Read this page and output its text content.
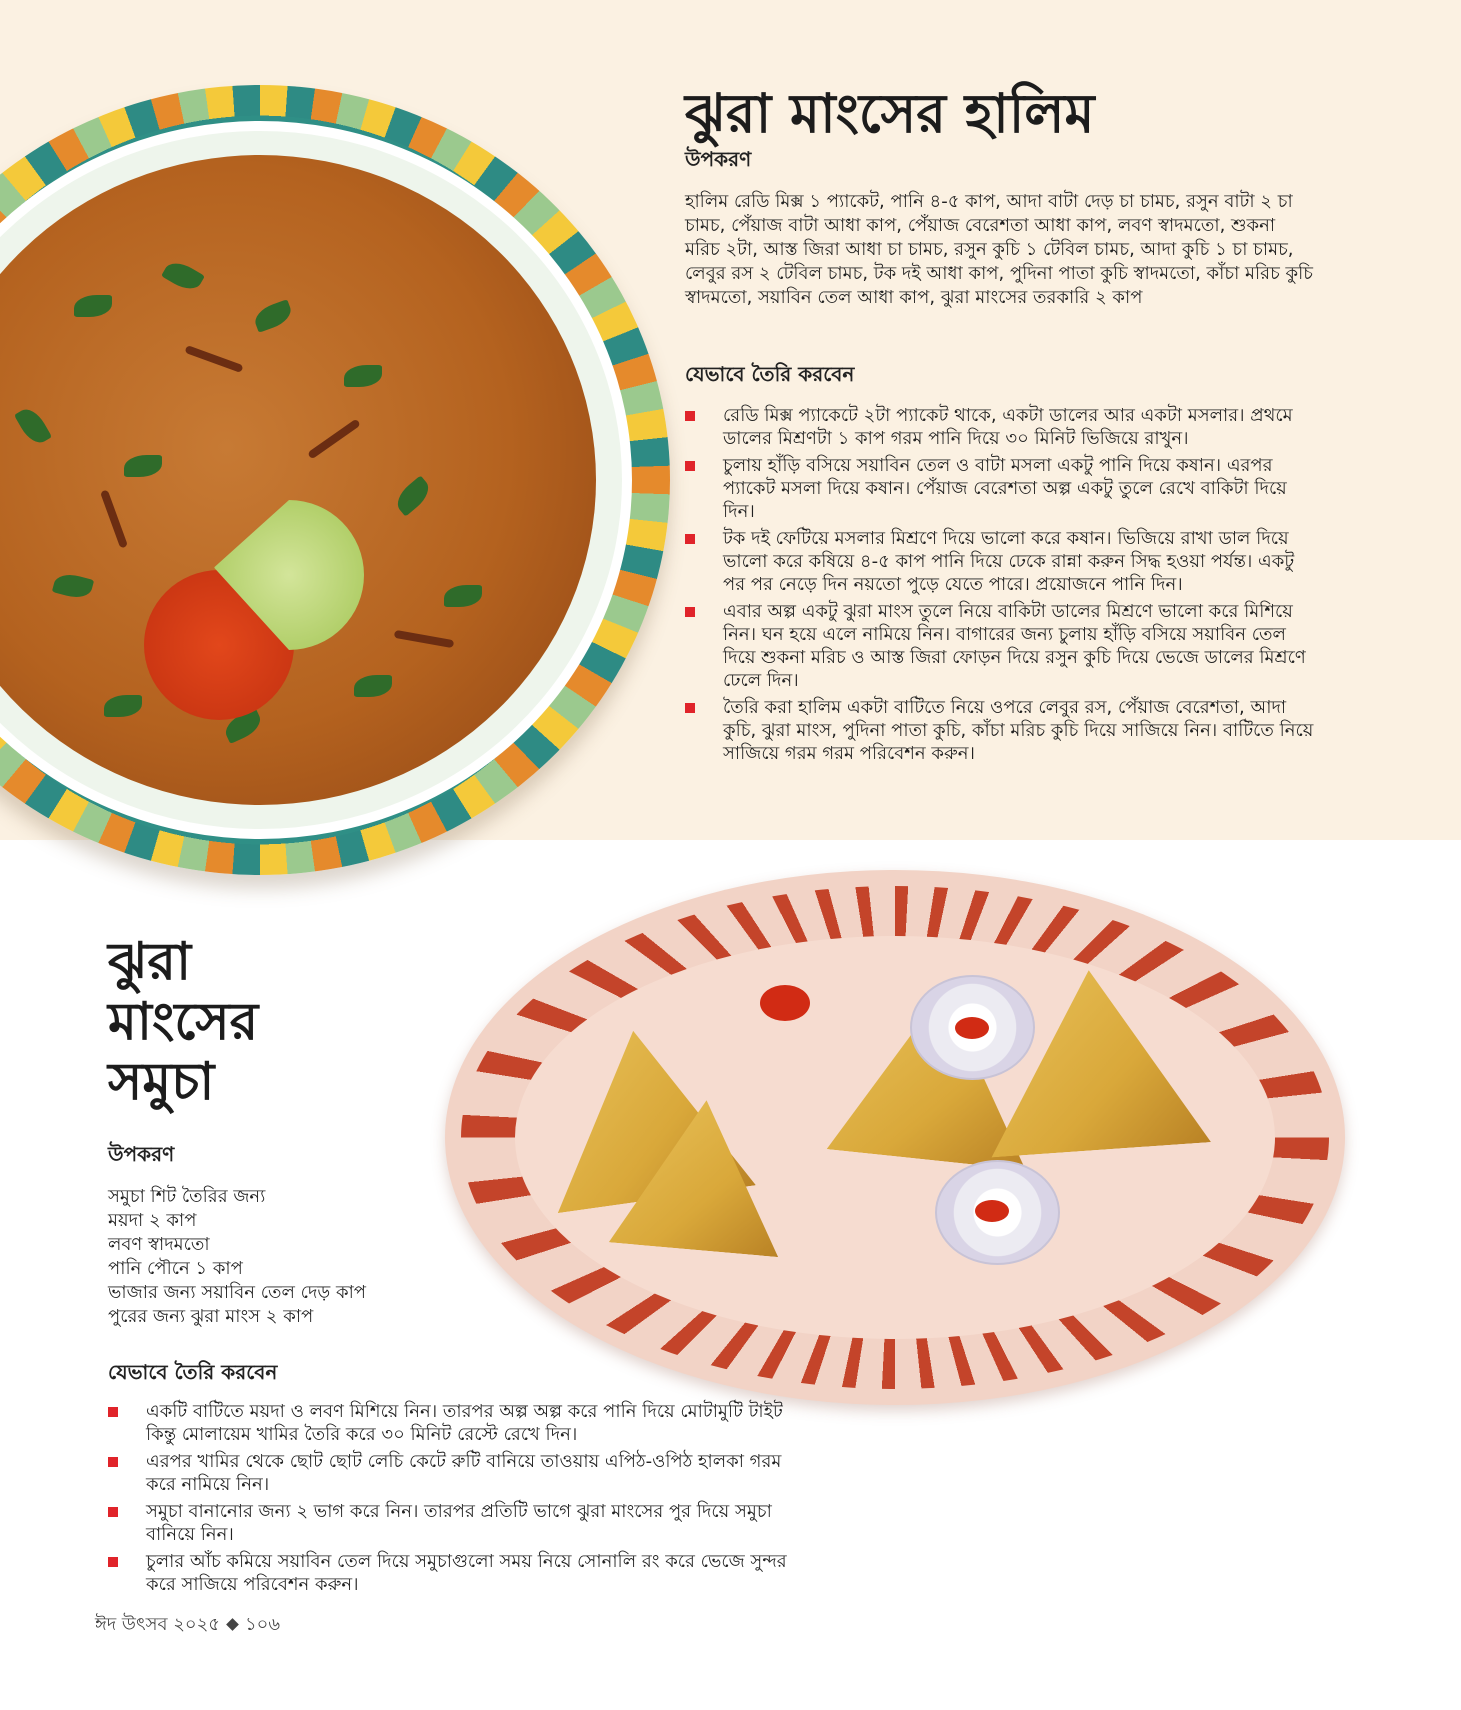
ঝুরা মাংসের হালিম
উপকরণ

হালিম রেডি মিক্স ১ প্যাকেট, পানি ৪-৫ কাপ, আদা বাটা দেড় চা চামচ, রসুন বাটা ২ চা চামচ, পেঁয়াজ বাটা আধা কাপ, পেঁয়াজ বেরেশতা আধা কাপ, লবণ স্বাদমতো, শুকনা মরিচ ২টা, আস্ত জিরা আধা চা চামচ, রসুন কুচি ১ টেবিল চামচ, আদা কুচি ১ চা চামচ, লেবুর রস ২ টেবিল চামচ, টক দই আধা কাপ, পুদিনা পাতা কুচি স্বাদমতো, কাঁচা মরিচ কুচি স্বাদমতো, সয়াবিন তেল আধা কাপ, ঝুরা মাংসের তরকারি ২ কাপ

যেভাবে তৈরি করবেন
রেডি মিক্স প্যাকেটে ২টা প্যাকেট থাকে, একটা ডালের আর একটা মসলার। প্রথমে ডালের মিশ্রণটা ১ কাপ গরম পানি দিয়ে ৩০ মিনিট ভিজিয়ে রাখুন।
চুলায় হাঁড়ি বসিয়ে সয়াবিন তেল ও বাটা মসলা একটু পানি দিয়ে কষান। এরপর প্যাকেট মসলা দিয়ে কষান। পেঁয়াজ বেরেশতা অল্প একটু তুলে রেখে বাকিটা দিয়ে দিন।
টক দই ফেটিয়ে মসলার মিশ্রণে দিয়ে ভালো করে কষান। ভিজিয়ে রাখা ডাল দিয়ে ভালো করে কষিয়ে ৪-৫ কাপ পানি দিয়ে ঢেকে রান্না করুন সিদ্ধ হওয়া পর্যন্ত। একটু পর পর নেড়ে দিন নয়তো পুড়ে যেতে পারে। প্রয়োজনে পানি দিন।
এবার অল্প একটু ঝুরা মাংস তুলে নিয়ে বাকিটা ডালের মিশ্রণে ভালো করে মিশিয়ে নিন। ঘন হয়ে এলে নামিয়ে নিন। বাগারের জন্য চুলায় হাঁড়ি বসিয়ে সয়াবিন তেল দিয়ে শুকনা মরিচ ও আস্ত জিরা ফোড়ন দিয়ে রসুন কুচি দিয়ে ভেজে ডালের মিশ্রণে ঢেলে দিন।
তৈরি করা হালিম একটা বাটিতে নিয়ে ওপরে লেবুর রস, পেঁয়াজ বেরেশতা, আদা কুচি, ঝুরা মাংস, পুদিনা পাতা কুচি, কাঁচা মরিচ কুচি দিয়ে সাজিয়ে নিন। বাটিতে নিয়ে সাজিয়ে গরম গরম পরিবেশন করুন।
ঝুরা
মাংসের
সমুচা
উপকরণ
সমুচা শিট তৈরির জন্য
ময়দা ২ কাপ
লবণ স্বাদমতো
পানি পৌনে ১ কাপ
ভাজার জন্য সয়াবিন তেল দেড় কাপ
পুরের জন্য ঝুরা মাংস ২ কাপ
যেভাবে তৈরি করবেন
একটি বাটিতে ময়দা ও লবণ মিশিয়ে নিন। তারপর অল্প অল্প করে পানি দিয়ে মোটামুটি টাইট কিন্তু মোলায়েম খামির তৈরি করে ৩০ মিনিট রেস্টে রেখে দিন।
এরপর খামির থেকে ছোট ছোট লেচি কেটে রুটি বানিয়ে তাওয়ায় এপিঠ-ওপিঠ হালকা গরম করে নামিয়ে নিন।
সমুচা বানানোর জন্য ২ ভাগ করে নিন। তারপর প্রতিটি ভাগে ঝুরা মাংসের পুর দিয়ে সমুচা বানিয়ে নিন।
চুলার আঁচ কমিয়ে সয়াবিন তেল দিয়ে সমুচাগুলো সময় নিয়ে সোনালি রং করে ভেজে সুন্দর করে সাজিয়ে পরিবেশন করুন।
ঈদ উৎসব ২০২৫ ১০৬
